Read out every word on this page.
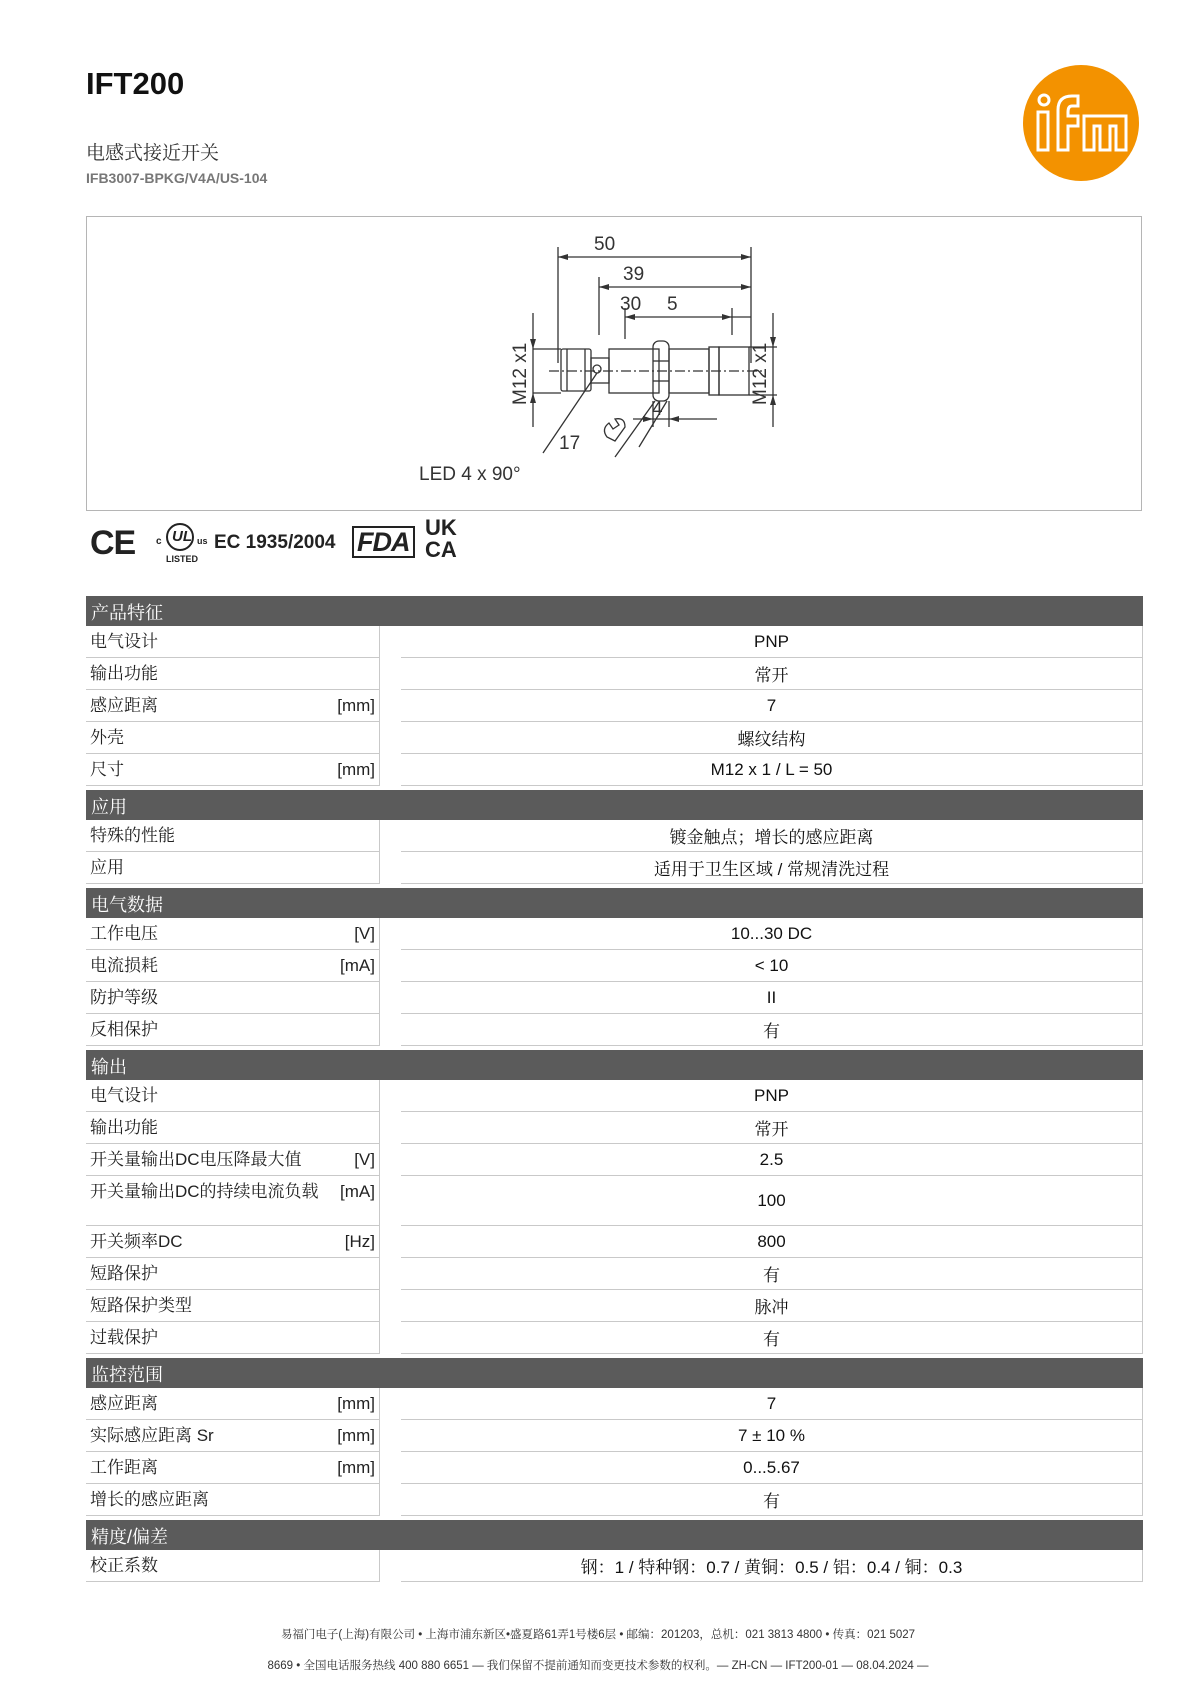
IFT200
电感式接近开关
IFB3007-BPKG/V4A/US-104
50
39
30 5
4
17
LED 4 x 90°
M12 x1	M12 x1
CE c UL us
LISTED
EC 1935/2004 FDA UK
CA
产品特征
电气设计	PNP
输出功能	常开
感应距离	[mm]	7
外壳	螺纹结构
尺寸	[mm]	M12 x 1 / L = 50
应用
特殊的性能	镀金触点；增长的感应距离
应用	适用于卫生区域 / 常规清洗过程
电气数据
工作电压	[V]	10...30 DC
电流损耗	[mA]	< 10
防护等级	II
反相保护	有
输出
电气设计	PNP
输出功能	常开
开关量输出DC电压降最大值	[V]	2.5
开关量输出DC的持续电流负载	[mA]	100
开关频率DC	[Hz]	800
短路保护	有
短路保护类型	脉冲
过载保护	有
监控范围
感应距离	[mm]	7
实际感应距离 Sr	[mm]	7 ± 10 %
工作距离	[mm]	0...5.67
增长的感应距离	有
精度/偏差
校正系数	钢：1 / 特种钢：0.7 / 黄铜：0.5 / 铝：0.4 / 铜：0.3
易福门电子(上海)有限公司 • 上海市浦东新区•盛夏路61弄1号楼6层 • 邮编：201203，总机：021 3813 4800 • 传真：021 5027
8669 • 全国电话服务热线 400 880 6651 — 我们保留不提前通知而变更技术参数的权利。— ZH-CN — IFT200-01 — 08.04.2024 —
